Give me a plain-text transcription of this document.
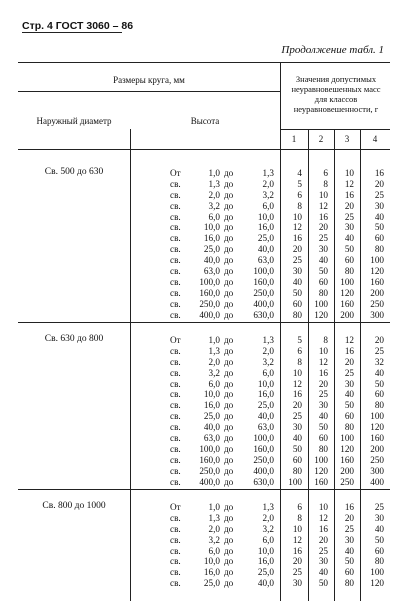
Стр. 4 ГОСТ 3060 – 86
Продолжение табл. 1
Размеры круга, мм
Наружный диаметр	Высота
Значения допустимых неуравновешенных масс для классов неуравновешенности, г
1	2	3	4
Св. 500 до 630	От	1,0 до	1,3	4	6	10	16
св.	1,3 до	2,0	5	8	12	20
св.	2,0 до	3,2	6	10	16	25
св.	3,2 до	6,0	8	12	20	30
св.	6,0 до	10,0	10	16	25	40
св.	10,0 до	16,0	12	20	30	50
св.	16,0 до	25,0	16	25	40	60
св.	25,0 до	40,0	20	30	50	80
св.	40,0 до	63,0	25	40	60	100
св.	63,0 до	100,0	30	50	80	120
св.	100,0 до	160,0	40	60	100	160
св.	160,0 до	250,0	50	80	120	200
св.	250,0 до	400,0	60	100	160	250
св.	400,0 до	630,0	80	120	200	300
Св. 630 до 800	От	1,0 до	1,3	5	8	12	20
св.	1,3 до	2,0	6	10	16	25
св.	2,0 до	3,2	8	12	20	32
св.	3,2 до	6,0	10	16	25	40
св.	6,0 до	10,0	12	20	30	50
св.	10,0 до	16,0	16	25	40	60
св.	16,0 до	25,0	20	30	50	80
св.	25,0 до	40,0	25	40	60	100
св.	40,0 до	63,0	30	50	80	120
св.	63,0 до	100,0	40	60	100	160
св.	100,0 до	160,0	50	80	120	200
св.	160,0 до	250,0	60	100	160	250
св.	250,0 до	400,0	80	120	200	300
св.	400,0 до	630,0	100	160	250	400
Св. 800 до 1000	От	1,0 до	1,3	6	10	16	25
св.	1,3 до	2,0	8	12	20	30
св.	2,0 до	3,2	10	16	25	40
св.	3,2 до	6,0	12	20	30	50
св.	6,0 до	10,0	16	25	40	60
св.	10,0 до	16,0	20	30	50	80
св.	16,0 до	25,0	25	40	60	100
св.	25,0 до	40,0	30	50	80	120
